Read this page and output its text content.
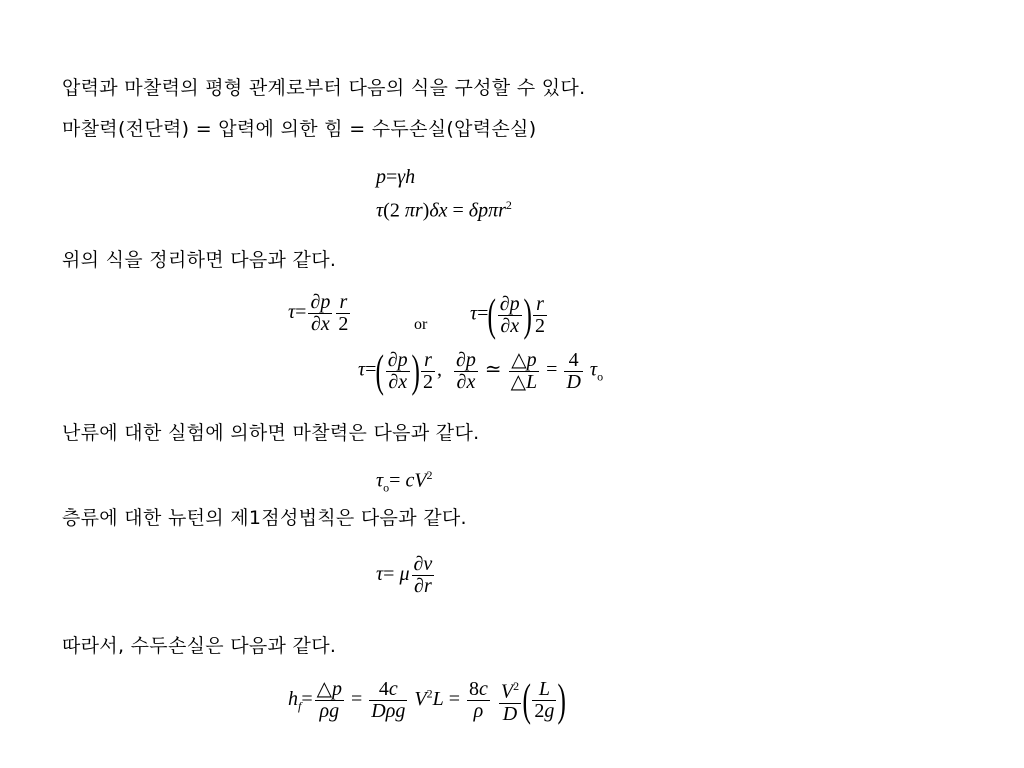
압력과 마찰력의 평형 관계로부터 다음의 식을 구성할 수 있다.
마찰력(전단력) = 압력에 의한 힘 = 수두손실(압력손실)
p=γh
τ(2 πr)δx = δpπr$^2$
위의 식을 정리하면 다음과 같다.
$\tau= \frac{\partial p}{\partial x} \frac{r}{2}$	or $\tau=( \frac{\partial p}{\partial x}$ ) $\frac{r}{2}$
$\tau=( \frac{\partial p}{\partial x}$ ) $\frac{r}{2}$ , $\frac{\partial p}{\partial x}$ ≃ $\frac{\triangle p}{\triangle L} = \frac{4}{D} \tau_o$
난류에 대한 실험에 의하면 마찰력은 다음과 같다.
$\tau_o= cV^2$
층류에 대한 뉴턴의 제1점성법칙은 다음과 같다.
τ= μ $\frac{\partial v}{\partial r}$
따라서, 수두손실은 다음과 같다.
$h_f= \frac{\triangle p}{\rho g} = \frac{4c}{\text{Dρg}} V^2L = \frac{8c}{\rho}$
$\frac{V^2}{D}$ ( $\frac{L}{2g}$ )
